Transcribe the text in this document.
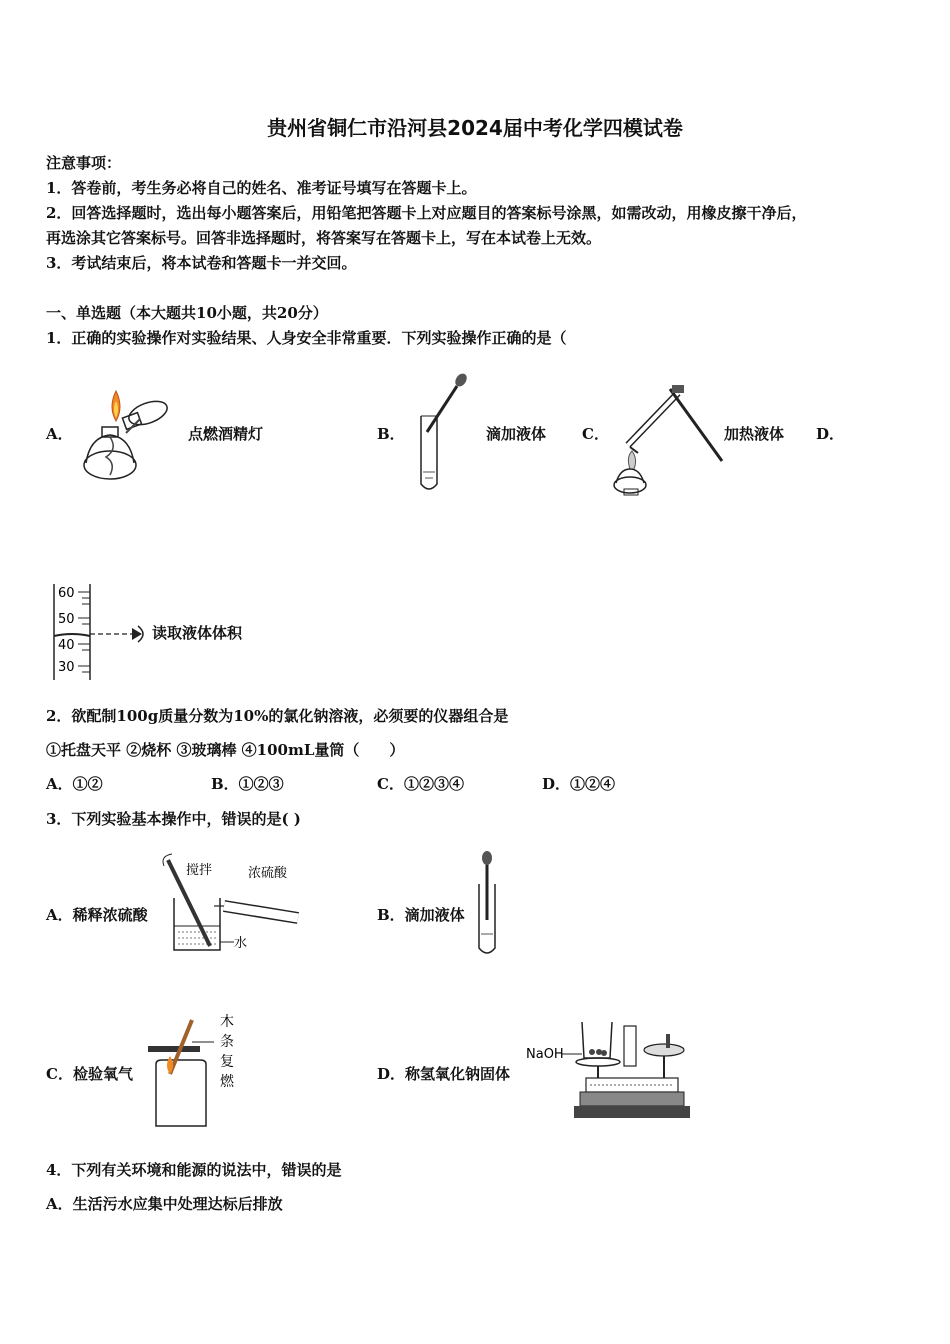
贵州省铜仁市沿河县2024届中考化学四模试卷
注意事项：
1．答卷前，考生务必将自己的姓名、准考证号填写在答题卡上。
2．回答选择题时，选出每小题答案后，用铅笔把答题卡上对应题目的答案标号涂黑，如需改动，用橡皮擦干净后，
再选涂其它答案标号。回答非选择题时，将答案写在答题卡上，写在本试卷上无效。
3．考试结束后，将本试卷和答题卡一并交回。
一、单选题（本大题共10小题，共20分）
1．正确的实验操作对实验结果、人身安全非常重要．下列实验操作正确的是（
A．	点燃酒精灯	B．	滴加液体 C．	加热液体 D．
60
50
40
30
读取液体体积
2．欲配制100g质量分数为10%的氯化钠溶液，必须要的仪器组合是
①托盘天平 ②烧杯 ③玻璃棒 ④100mL量筒（　　）
A．①②	B．①②③	C．①②③④	D．①②④
3．下列实验基本操作中，错误的是( )
A．稀释浓硫酸
搅拌	浓硫酸
水
B．滴加液体
C．检验氧气
木
条
复
燃	D．称氢氧化钠固体
NaOH
4．下列有关环境和能源的说法中，错误的是
A．生活污水应集中处理达标后排放
